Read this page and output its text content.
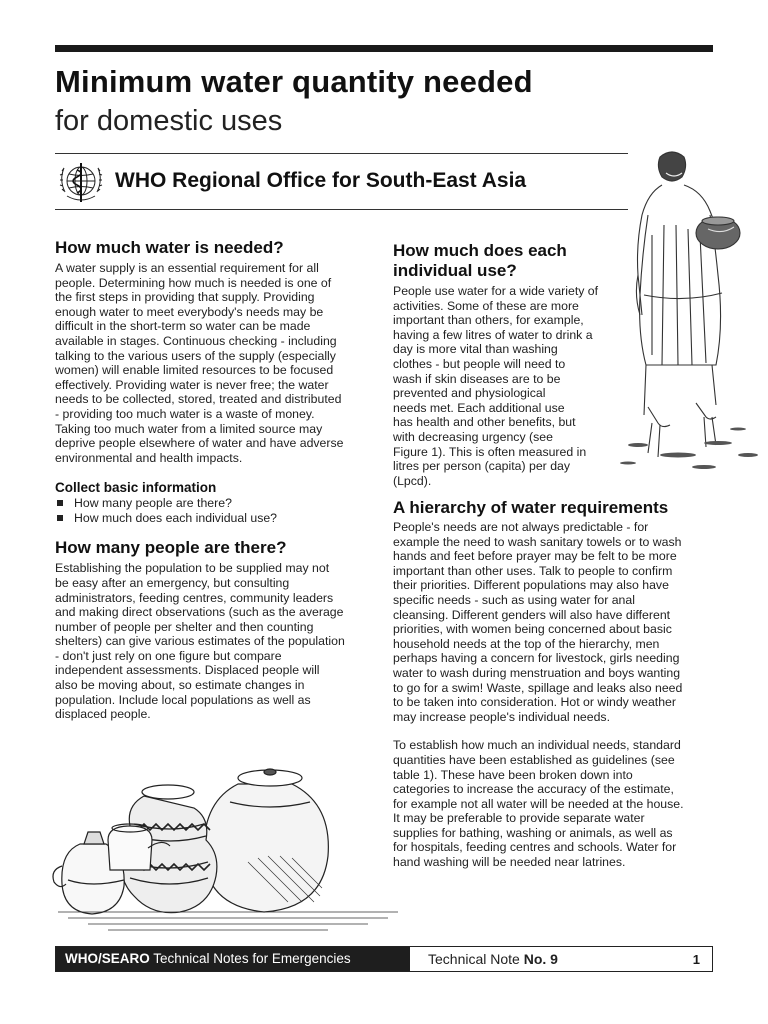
Minimum water quantity needed
for domestic uses
WHO Regional Office for South-East Asia
How much water is needed?

A water supply is an essential requirement for all
people. Determining how much is needed is one of
the first steps in providing that supply. Providing
enough water to meet everybody's needs may be
difficult in the short-term so water can be made
available in stages. Continuous checking - including
talking to the various users of the supply (especially
women) will enable limited resources to be focused
effectively. Providing water is never free; the water
needs to be collected, stored, treated and distributed
- providing too much water is a waste of money.
Taking too much water from a limited source may
deprive people elsewhere of water and have adverse
environmental and health impacts.

Collect basic information
How many people are there?
How much does each individual use?
How many people are there?

Establishing the population to be supplied may not
be easy after an emergency, but consulting
administrators, feeding centres, community leaders
and making direct observations (such as the average
number of people per shelter and then counting
shelters) can give various estimates of the population
- don't just rely on one figure but compare
independent assessments. Displaced people will
also be moving about, so estimate changes in
population. Include local populations as well as
displaced people.

How much does each
individual use?

People use water for a wide variety of
activities. Some of these are more
important than others, for example,
having a few litres of water to drink a
day is more vital than washing
clothes - but people will need to
wash if skin diseases are to be
prevented and physiological
needs met. Each additional use
has health and other benefits, but
with decreasing urgency (see
Figure 1). This is often measured in
litres per person (capita) per day
(Lpcd).

A hierarchy of water requirements

People's needs are not always predictable - for
example the need to wash sanitary towels or to wash
hands and feet before prayer may be felt to be more
important than other uses. Talk to people to confirm
their priorities. Different populations may also have
specific needs - such as using water for anal
cleansing. Different genders will also have different
priorities, with women being concerned about basic
household needs at the top of the hierarchy, men
perhaps having a concern for livestock, girls needing
water to wash during menstruation and boys wanting
to go for a swim! Waste, spillage and leaks also need
to be taken into consideration. Hot or windy weather
may increase people's individual needs.

To establish how much an individual needs, standard
quantities have been established as guidelines (see
table 1). These have been broken down into
categories to increase the accuracy of the estimate,
for example not all water will be needed at the house.
It may be preferable to provide separate water
supplies for bathing, washing or animals, as well as
for hospitals, feeding centres and schools. Water for
hand washing will be needed near latrines.

WHO/SEARO Technical Notes for Emergencies	Technical Note No. 9	1
